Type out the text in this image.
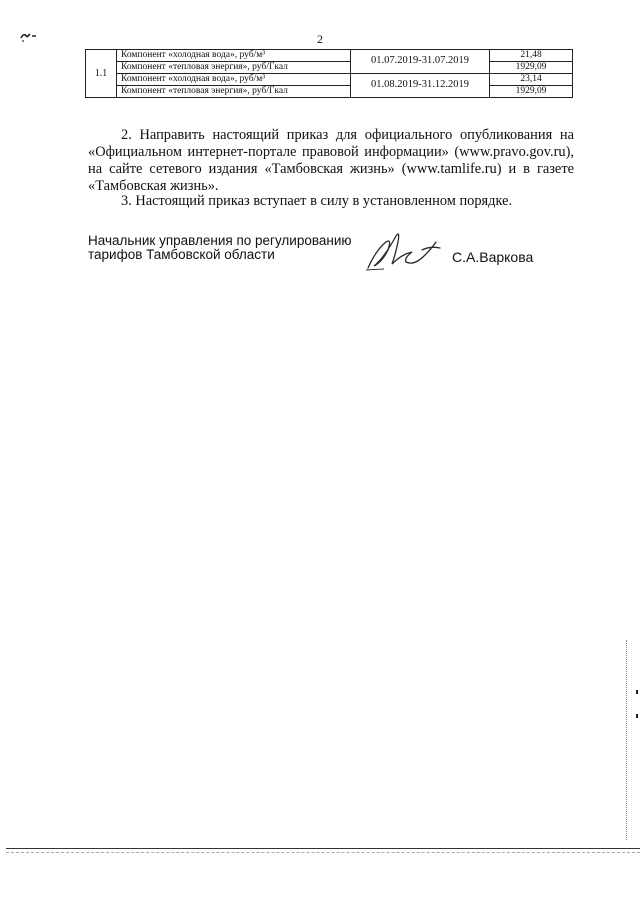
2
1.1	Компонент «холодная вода», руб/м³	01.07.2019-31.07.2019	21,48
	Компонент «тепловая энергия», руб/Гкал		1929,09
	Компонент «холодная вода», руб/м³	01.08.2019-31.12.2019	23,14
	Компонент «тепловая энергия», руб/Гкал		1929,09
2. Направить настоящий приказ для официального опубликования на «Официальном интернет-портале правовой информации» (www.pravo.gov.ru), на сайте сетевого издания «Тамбовская жизнь» (www.tamlife.ru) и в газете «Тамбовская жизнь».
3. Настоящий приказ вступает в силу в установленном порядке.
Начальник управления по регулированию
тарифов Тамбовской области	С.А.Варкова
